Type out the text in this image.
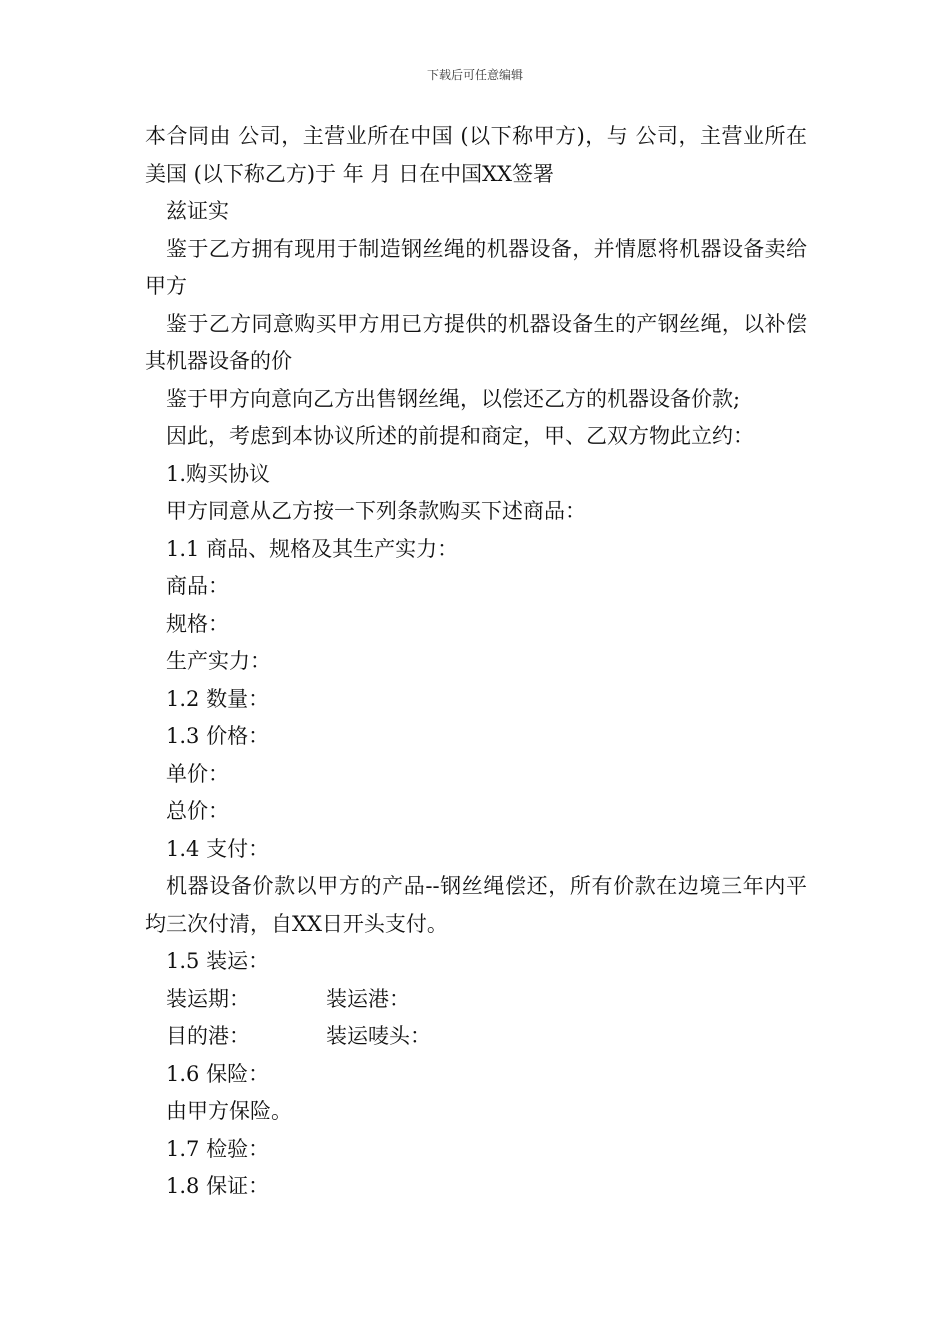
下载后可任意编辑

本合同由 公司，主营业所在中国 (以下称甲方)，与 公司，主营业所在美国 (以下称乙方)于 年 月 日在中国XX签署

兹证实

鉴于乙方拥有现用于制造钢丝绳的机器设备，并情愿将机器设备卖给甲方

鉴于乙方同意购买甲方用已方提供的机器设备生的产钢丝绳，以补偿其机器设备的价

鉴于甲方向意向乙方出售钢丝绳，以偿还乙方的机器设备价款;

因此，考虑到本协议所述的前提和商定，甲、乙双方物此立约：

1.购买协议

甲方同意从乙方按一下列条款购买下述商品：

1.1 商品、规格及其生产实力：

商品：

规格：

生产实力：

1.2 数量：

1.3 价格：

单价：

总价：

1.4 支付：

机器设备价款以甲方的产品--钢丝绳偿还，所有价款在边境三年内平均三次付清，自XX日开头支付。

1.5 装运：

装运期：	装运港：
目的港：	装运唛头：

1.6 保险：

由甲方保险。

1.7 检验：

1.8 保证：
